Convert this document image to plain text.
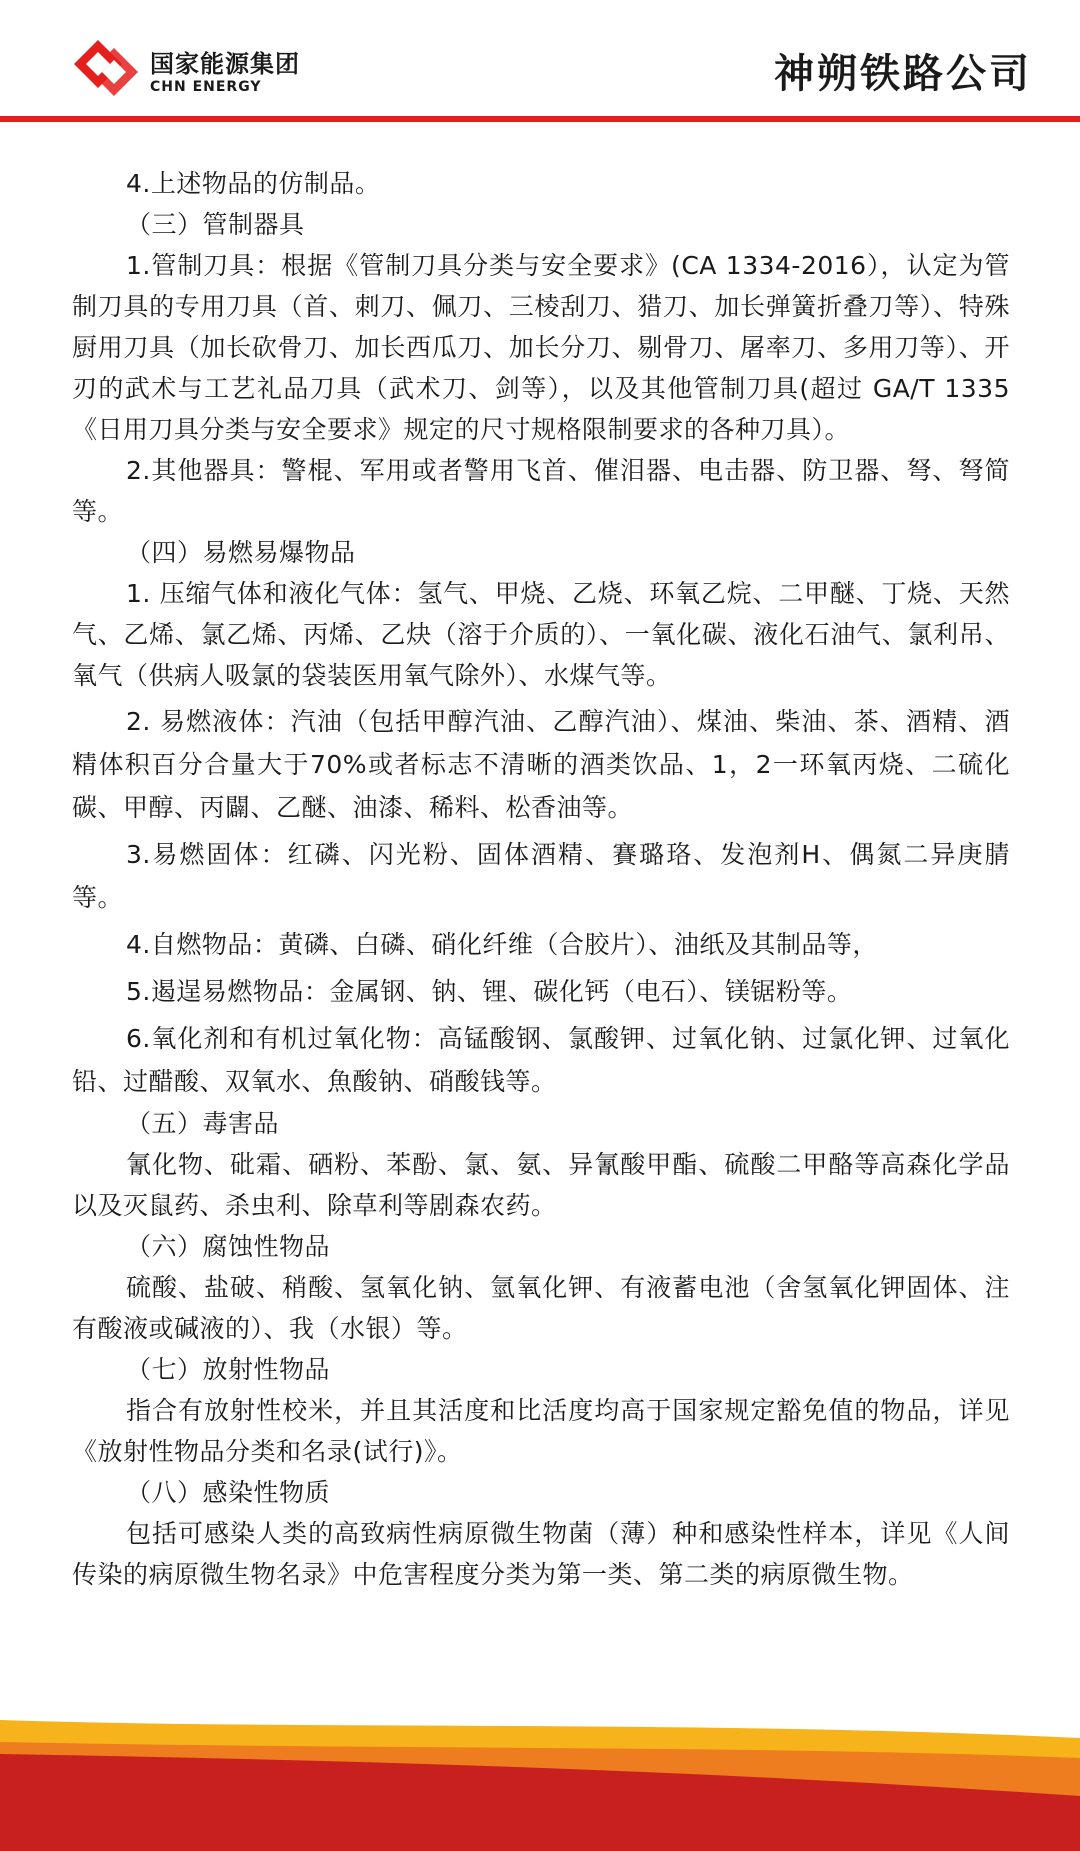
国家能源集团
CHN ENERGY	神朔铁路公司

4.上述物品的仿制品。

（三）管制器具

1.管制刀具：根据《管制刀具分类与安全要求》(CA 1334-2016），认定为管制刀具的专用刀具（首、刺刀、佩刀、三棱刮刀、猎刀、加长弹簧折叠刀等）、特殊厨用刀具（加长砍骨刀、加长西瓜刀、加长分刀、剔骨刀、屠率刀、多用刀等）、开刃的武术与工艺礼品刀具（武术刀、剑等），以及其他管制刀具(超过 GA/T 1335《日用刀具分类与安全要求》规定的尺寸规格限制要求的各种刀具）。

2.其他器具：警棍、军用或者警用飞首、催泪器、电击器、防卫器、弩、弩简等。

（四）易燃易爆物品

1. 压缩气体和液化气体：氢气、甲烧、乙烧、环氧乙烷、二甲醚、丁烧、天然气、乙烯、氯乙烯、丙烯、乙炔（溶于介质的）、一氧化碳、液化石油气、氯利吊、氧气（供病人吸氯的袋装医用氧气除外）、水煤气等。

2. 易燃液体：汽油（包括甲醇汽油、乙醇汽油）、煤油、柴油、茶、酒精、酒精体积百分合量大于70%或者标志不清晰的酒类饮品、1，2一环氧丙烧、二硫化碳、甲醇、丙闢、乙醚、油漆、稀料、松香油等。

3.易燃固体：红磷、闪光粉、固体酒精、賽璐珞、发泡剂H、偶氮二异庚腈等。

4.自燃物品：黄磷、白磷、硝化纤维（合胶片）、油纸及其制品等，

5.遏逞易燃物品：金属钢、钠、锂、碳化钙（电石）、镁锯粉等。

6.氧化剂和有机过氧化物：高锰酸钢、氯酸钾、过氧化钠、过氯化钾、过氧化铅、过醋酸、双氧水、魚酸钠、硝酸钱等。

（五）毒害品

氰化物、砒霜、硒粉、苯酚、氯、氨、异氰酸甲酯、硫酸二甲酪等高森化学品以及灭鼠药、杀虫利、除草利等剧森农药。

（六）腐蚀性物品

硫酸、盐破、稍酸、氢氧化钠、氫氧化钾、有液蓄电池（舍氢氧化钾固体、注有酸液或碱液的）、我（水银）等。

（七）放射性物品

指合有放射性校米，并且其活度和比活度均高于国家规定豁免值的物品，详见《放射性物品分类和名录(试行)》。

（八）感染性物质

包括可感染人类的高致病性病原微生物菌（薄）种和感染性样本，详见《人间传染的病原微生物名录》中危害程度分类为第一类、第二类的病原微生物。
